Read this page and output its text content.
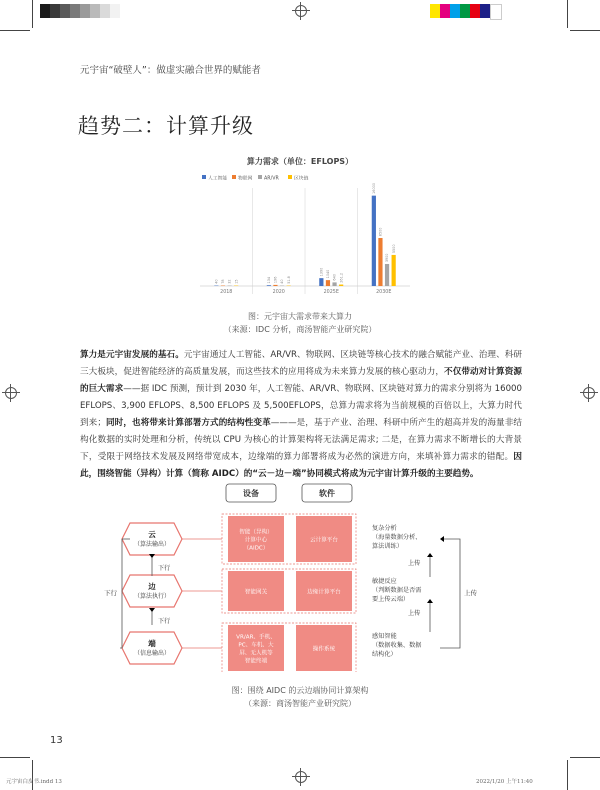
元宇宙“破壁人”：做虚实融合世界的赋能者
趋势二：计算升级
算力需求（单位：EFLOPS）
人工智能 物联网 AR/VR	区块链
40 78 32 15
2018
134 196 40 51.8
2020
1390 1040 640 261.2
2025E
16000
8500
3900
5500
2030E
图：元宇宙大需求带来大算力
（来源：IDC 分析，商汤智能产业研究院）
算力是元宇宙发展的基石。元宇宙通过人工智能、AR/VR、物联网、区块链等核心技术的融合赋能产业、治理、科研三大板块，促进智能经济的高质量发展，而这些技术的应用将成为未来算力发展的核心驱动力，不仅带动对计算资源的巨大需求——据 IDC 预测，预计到 2030 年，人工智能、AR/VR、物联网、区块链对算力的需求分别将为 16000 EFLOPS、3,900 EFLOPS、8,500 EFLOPS 及 5,500EFLOPS，总算力需求将为当前规模的百倍以上，大算力时代到来；同时，也将带来计算部署方式的结构性变革———是，基于产业、治理、科研中所产生的超高并发的海量非结构化数据的实时处理和分析，传统以 CPU 为核心的计算架构将无法满足需求; 二是，在算力需求不断增长的大背景下，受限于网络技术发展及网络带宽成本，边缘端的算力部署将成为必然的演进方向，来填补算力需求的错配。因此，围绕智能（异构）计算（简称 AIDC）的“云－边－端”协同模式将成为元宇宙计算升级的主要趋势。
设备	软件
智能（异构）
计算中心
（AIDC）
云计算平台
云
（算法输出）
复杂分析
（海量数据分析、
算法训练）
智能网关	边缘计算平台
边
（算法执行）
敏捷反应
（判断数据是否需
要上传云端）
VR/AR、手机、
PC、车机、大
屏、无人机等
智能终端
操作系统
端
（信息输出）
感知智能
（数据收集、数据
结构化）
下行
下行
下行
上传
上传
上传
图：围绕 AIDC 的云边端协同计算架构
（来源：商汤智能产业研究院）
13
元宇宙白皮书.indd 13	2022/1/20 上午11:40
